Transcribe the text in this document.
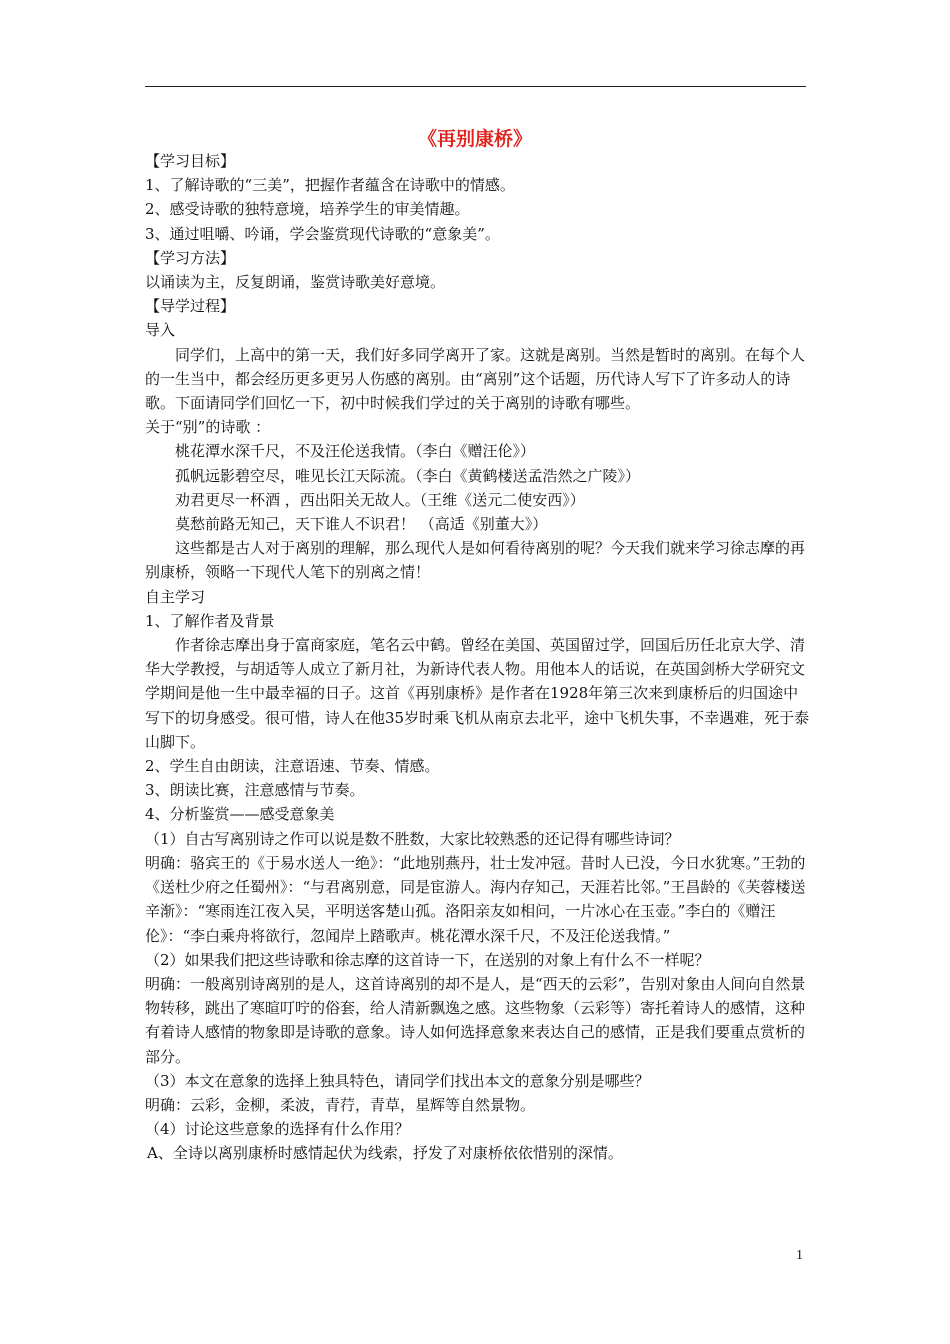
《再别康桥》

【学习目标】

1、了解诗歌的“三美”，把握作者蕴含在诗歌中的情感。

2、感受诗歌的独特意境，培养学生的审美情趣。

3、通过咀嚼、吟诵，学会鉴赏现代诗歌的“意象美”。

【学习方法】

以诵读为主，反复朗诵，鉴赏诗歌美好意境。

【导学过程】

导入

同学们，上高中的第一天，我们好多同学离开了家。这就是离别。当然是暂时的离别。在每个人的一生当中，都会经历更多更另人伤感的离别。由“离别”这个话题，历代诗人写下了许多动人的诗歌。下面请同学们回忆一下，初中时候我们学过的关于离别的诗歌有哪些。

关于“别”的诗歌 ：

桃花潭水深千尺，不及汪伦送我情。（李白《赠汪伦》）

孤帆远影碧空尽，唯见长江天际流。（李白《黄鹤楼送孟浩然之广陵》）

劝君更尽一杯酒 ，西出阳关无故人。（王维《送元二使安西》）

莫愁前路无知己，天下谁人不识君！ （高适《别董大》）

这些都是古人对于离别的理解，那么现代人是如何看待离别的呢？今天我们就来学习徐志摩的再别康桥，领略一下现代人笔下的别离之情！

自主学习

1、了解作者及背景

作者徐志摩出身于富商家庭，笔名云中鹤。曾经在美国、英国留过学，回国后历任北京大学、清华大学教授，与胡适等人成立了新月社，为新诗代表人物。用他本人的话说，在英国剑桥大学研究文学期间是他一生中最幸福的日子。这首《再别康桥》是作者在1928年第三次来到康桥后的归国途中写下的切身感受。很可惜，诗人在他35岁时乘飞机从南京去北平，途中飞机失事，不幸遇难，死于泰山脚下。

2、学生自由朗读，注意语速、节奏、情感。

3、朗读比赛，注意感情与节奏。

4、分析鉴赏——感受意象美

（1）自古写离别诗之作可以说是数不胜数，大家比较熟悉的还记得有哪些诗词？

明确：骆宾王的《于易水送人一绝》：“此地别燕丹，壮士发冲冠。昔时人已没，今日水犹寒。”王勃的《送杜少府之任蜀州》：“与君离别意，同是宦游人。海内存知己，天涯若比邻。”王昌龄的《芙蓉楼送辛渐》：“寒雨连江夜入吴，平明送客楚山孤。洛阳亲友如相问，一片冰心在玉壶。”李白的《赠汪伦》：“李白乘舟将欲行，忽闻岸上踏歌声。桃花潭水深千尺，不及汪伦送我情。”

（2）如果我们把这些诗歌和徐志摩的这首诗一下，在送别的对象上有什么不一样呢？

明确：一般离别诗离别的是人，这首诗离别的却不是人，是“西天的云彩”，告别对象由人间向自然景物转移，跳出了寒暄叮咛的俗套，给人清新飘逸之感。这些物象（云彩等）寄托着诗人的感情，这种有着诗人感情的物象即是诗歌的意象。诗人如何选择意象来表达自己的感情，正是我们要重点赏析的部分。

（3）本文在意象的选择上独具特色，请同学们找出本文的意象分别是哪些？

明确：云彩，金柳，柔波，青荇，青草，星辉等自然景物。

（4）讨论这些意象的选择有什么作用？

A、全诗以离别康桥时感情起伏为线索，抒发了对康桥依依惜别的深情。

1
